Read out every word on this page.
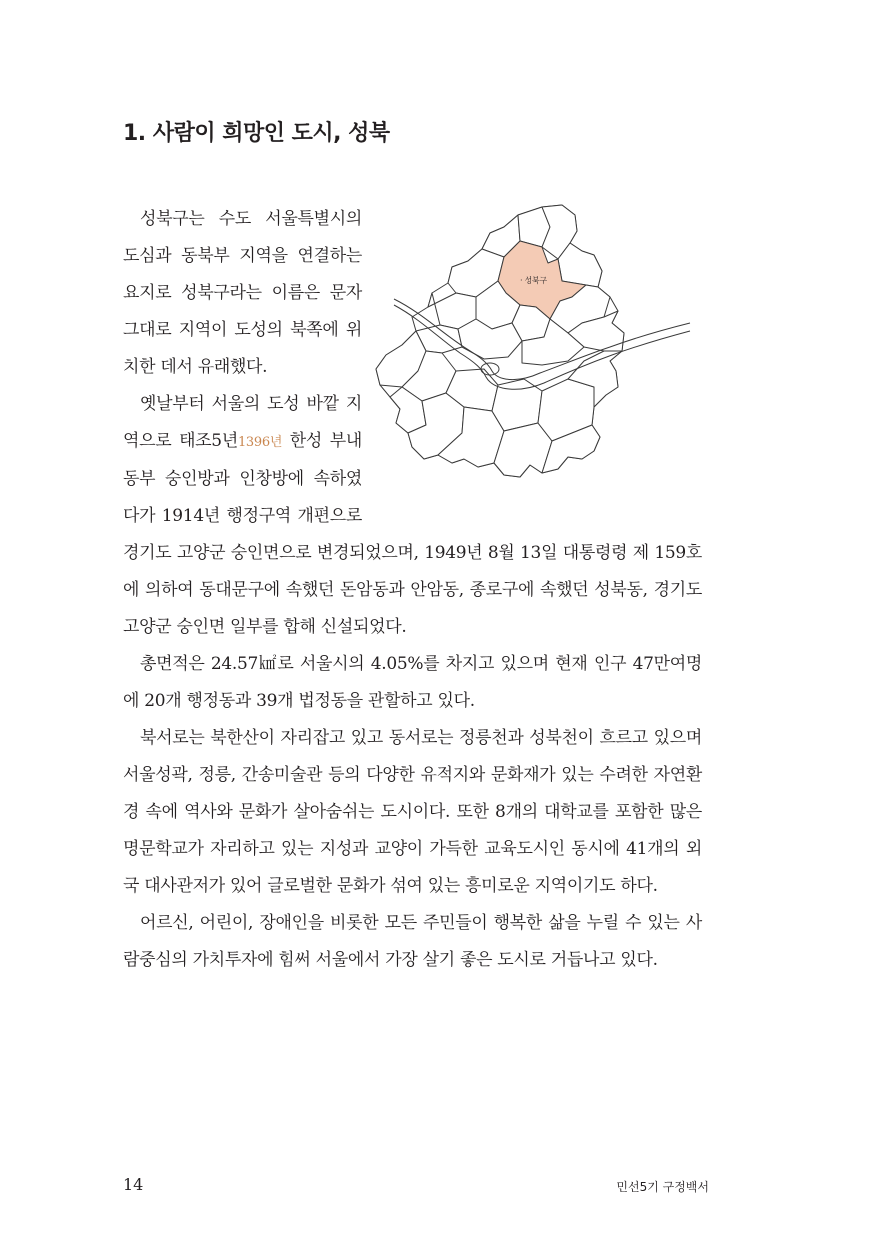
1. 사람이 희망인 도시, 성북
· 성북구

성북구는 수도 서울특별시의 도심과 동북부 지역을 연결하는 요지로 성북구라는 이름은 문자 그대로 지역이 도성의 북쪽에 위치한 데서 유래했다.

옛날부터 서울의 도성 바깥 지역으로 태조5년1396년 한성 부내 동부 숭인방과 인창방에 속하였다가 1914년 행정구역 개편으로 경기도 고양군 숭인면으로 변경되었으며, 1949년 8월 13일 대통령령 제 159호에 의하여 동대문구에 속했던 돈암동과 안암동, 종로구에 속했던 성북동, 경기도 고양군 숭인면 일부를 합해 신설되었다.

총면적은 24.57㎢로 서울시의 4.05%를 차지고 있으며 현재 인구 47만여명에 20개 행정동과 39개 법정동을 관할하고 있다.

북서로는 북한산이 자리잡고 있고 동서로는 정릉천과 성북천이 흐르고 있으며 서울성곽, 정릉, 간송미술관 등의 다양한 유적지와 문화재가 있는 수려한 자연환경 속에 역사와 문화가 살아숨쉬는 도시이다. 또한 8개의 대학교를 포함한 많은 명문학교가 자리하고 있는 지성과 교양이 가득한 교육도시인 동시에 41개의 외국 대사관저가 있어 글로벌한 문화가 섞여 있는 흥미로운 지역이기도 하다.

어르신, 어린이, 장애인을 비롯한 모든 주민들이 행복한 삶을 누릴 수 있는 사람중심의 가치투자에 힘써 서울에서 가장 살기 좋은 도시로 거듭나고 있다.

14	민선5기 구정백서
